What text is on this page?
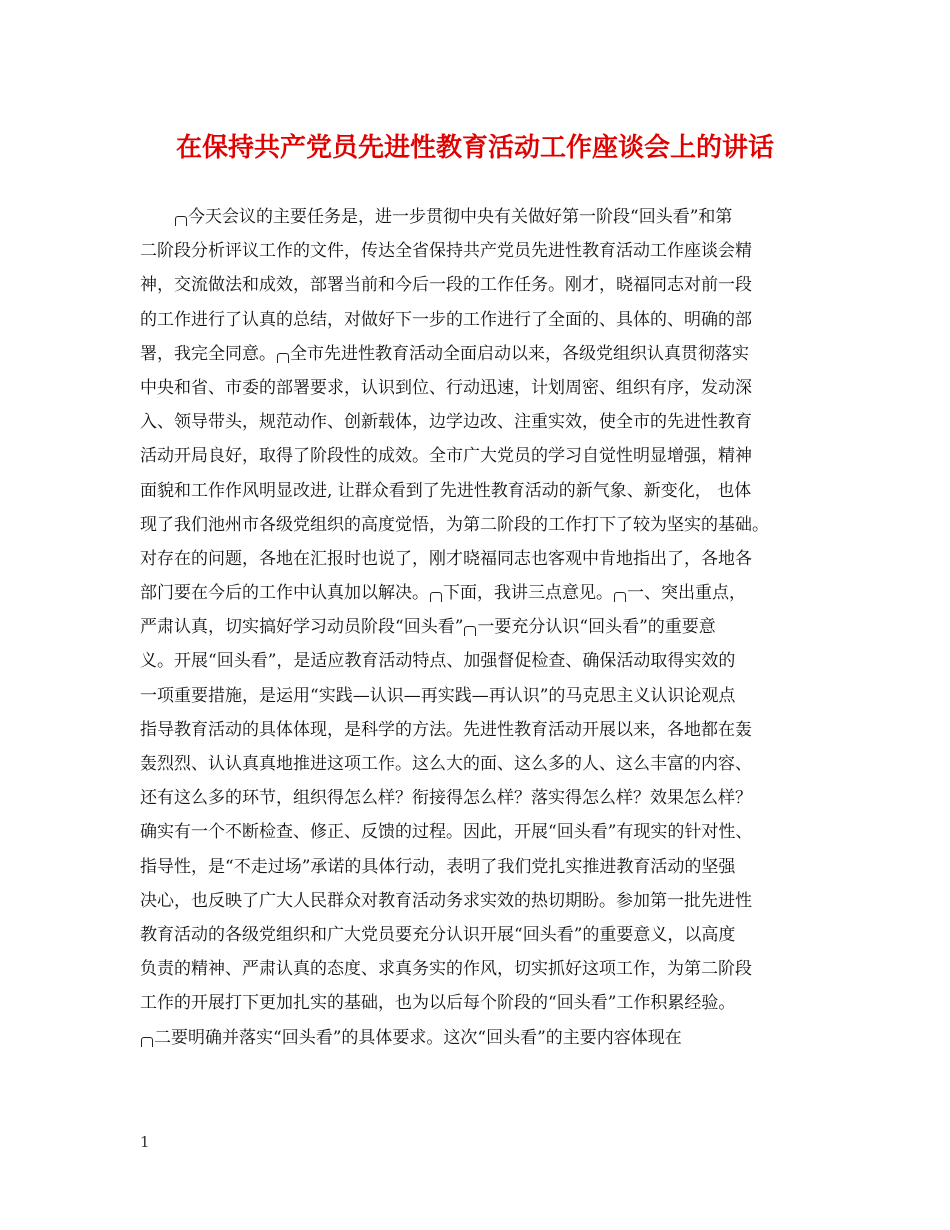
在保持共产党员先进性教育活动工作座谈会上的讲话
今天会议的主要任务是，进一步贯彻中央有关做好第一阶段“回头看”和第
二阶段分析评议工作的文件，传达全省保持共产党员先进性教育活动工作座谈会精
神，交流做法和成效，部署当前和今后一段的工作任务。刚才，晓福同志对前一段
的工作进行了认真的总结，对做好下一步的工作进行了全面的、具体的、明确的部
署，我完全同意。 全市先进性教育活动全面启动以来，各级党组织认真贯彻落实
中央和省、市委的部署要求，认识到位、行动迅速，计划周密、组织有序，发动深
入、领导带头，规范动作、创新载体，边学边改、注重实效，使全市的先进性教育
活动开局良好，取得了阶段性的成效。全市广大党员的学习自觉性明显增强，精神
面貌和工作作风明显改进, 让群众看到了先进性教育活动的新气象、新变化， 也体
现了我们池州市各级党组织的高度觉悟，为第二阶段的工作打下了较为坚实的基础。
对存在的问题，各地在汇报时也说了，刚才晓福同志也客观中肯地指出了，各地各
部门要在今后的工作中认真加以解决。 下面，我讲三点意见。 一、突出重点，
严肃认真，切实搞好学习动员阶段“回头看” 一要充分认识“回头看”的重要意
义。开展“回头看”，是适应教育活动特点、加强督促检查、确保活动取得实效的
一项重要措施，是运用“实践—认识—再实践—再认识”的马克思主义认识论观点
指导教育活动的具体体现，是科学的方法。先进性教育活动开展以来，各地都在轰
轰烈烈、认认真真地推进这项工作。这么大的面、这么多的人、这么丰富的内容、
还有这么多的环节，组织得怎么样？衔接得怎么样？落实得怎么样？效果怎么样？
确实有一个不断检查、修正、反馈的过程。因此，开展“回头看”有现实的针对性、
指导性，是“不走过场”承诺的具体行动，表明了我们党扎实推进教育活动的坚强
决心，也反映了广大人民群众对教育活动务求实效的热切期盼。参加第一批先进性
教育活动的各级党组织和广大党员要充分认识开展“回头看”的重要意义，以高度
负责的精神、严肃认真的态度、求真务实的作风，切实抓好这项工作，为第二阶段
工作的开展打下更加扎实的基础，也为以后每个阶段的“回头看”工作积累经验。
二要明确并落实“回头看”的具体要求。这次“回头看”的主要内容体现在
1
